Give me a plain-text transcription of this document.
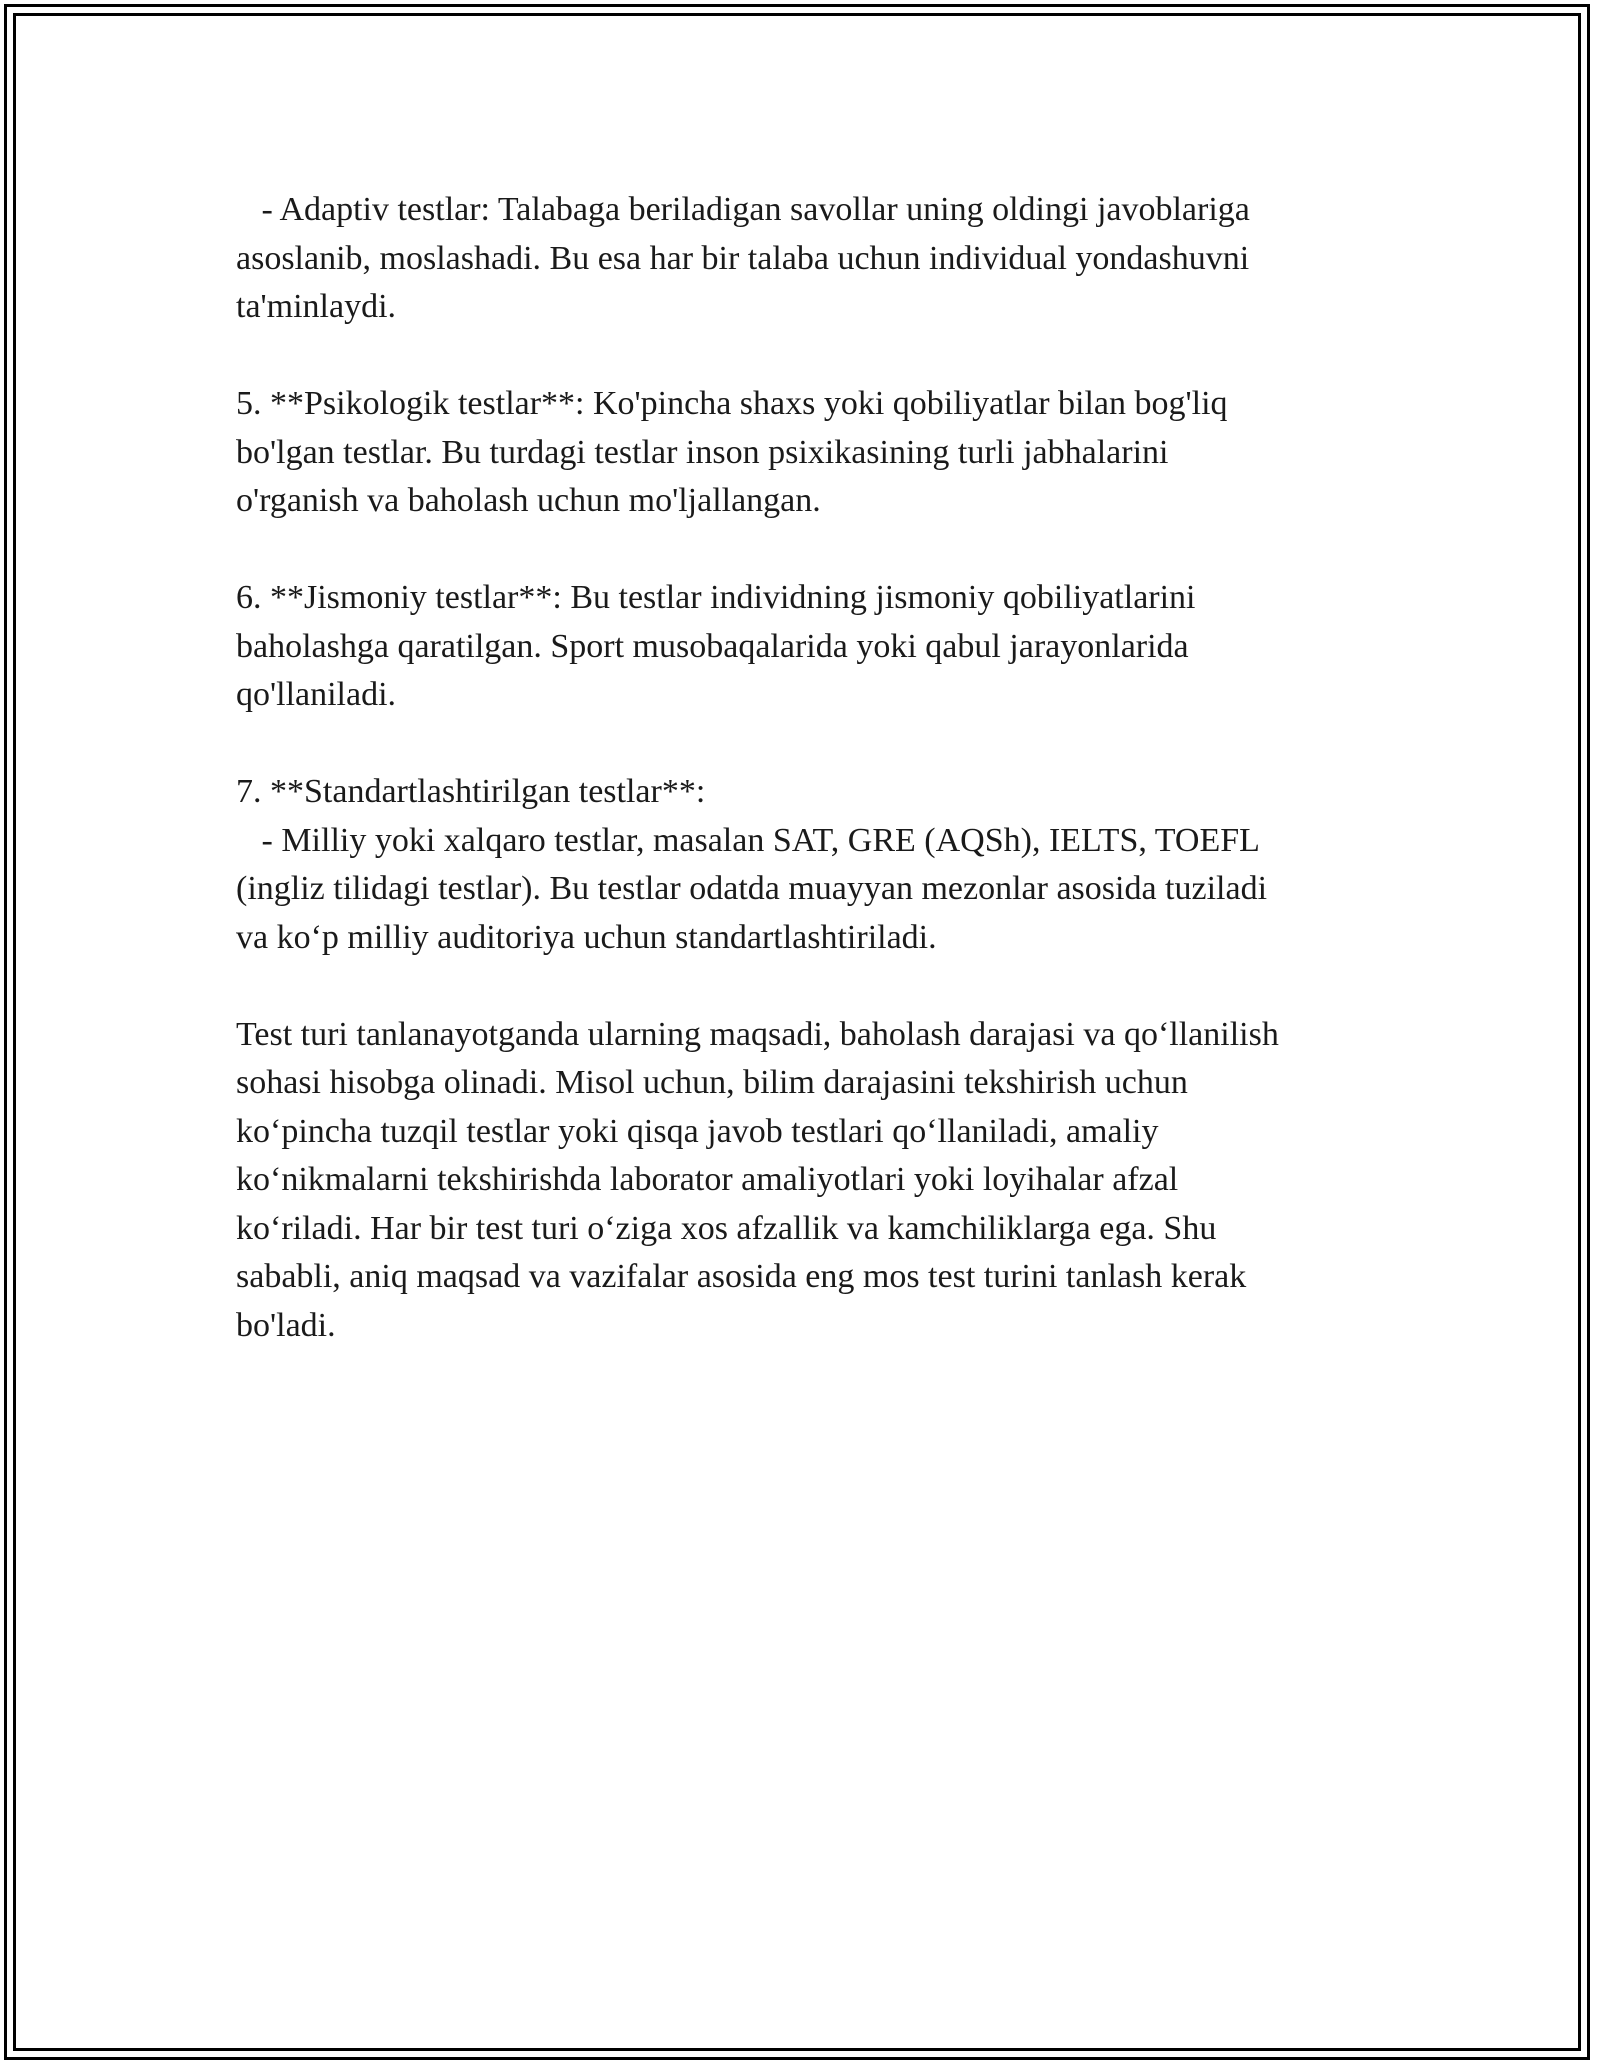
- Adaptiv testlar: Talabaga beriladigan savollar uning oldingi javoblariga
asoslanib, moslashadi. Bu esa har bir talaba uchun individual yondashuvni
ta'minlaydi.
5. **Psikologik testlar**: Ko'pincha shaxs yoki qobiliyatlar bilan bog'liq
bo'lgan testlar. Bu turdagi testlar inson psixikasining turli jabhalarini
o'rganish va baholash uchun mo'ljallangan.
6. **Jismoniy testlar**: Bu testlar individning jismoniy qobiliyatlarini
baholashga qaratilgan. Sport musobaqalarida yoki qabul jarayonlarida
qo'llaniladi.
7. **Standartlashtirilgan testlar**:
- Milliy yoki xalqaro testlar, masalan SAT, GRE (AQSh), IELTS, TOEFL
(ingliz tilidagi testlar). Bu testlar odatda muayyan mezonlar asosida tuziladi
va ko‘p milliy auditoriya uchun standartlashtiriladi.
Test turi tanlanayotganda ularning maqsadi, baholash darajasi va qo‘llanilish
sohasi hisobga olinadi. Misol uchun, bilim darajasini tekshirish uchun
ko‘pincha tuzqil testlar yoki qisqa javob testlari qo‘llaniladi, amaliy
ko‘nikmalarni tekshirishda laborator amaliyotlari yoki loyihalar afzal
ko‘riladi. Har bir test turi o‘ziga xos afzallik va kamchiliklarga ega. Shu
sababli, aniq maqsad va vazifalar asosida eng mos test turini tanlash kerak
bo'ladi.
